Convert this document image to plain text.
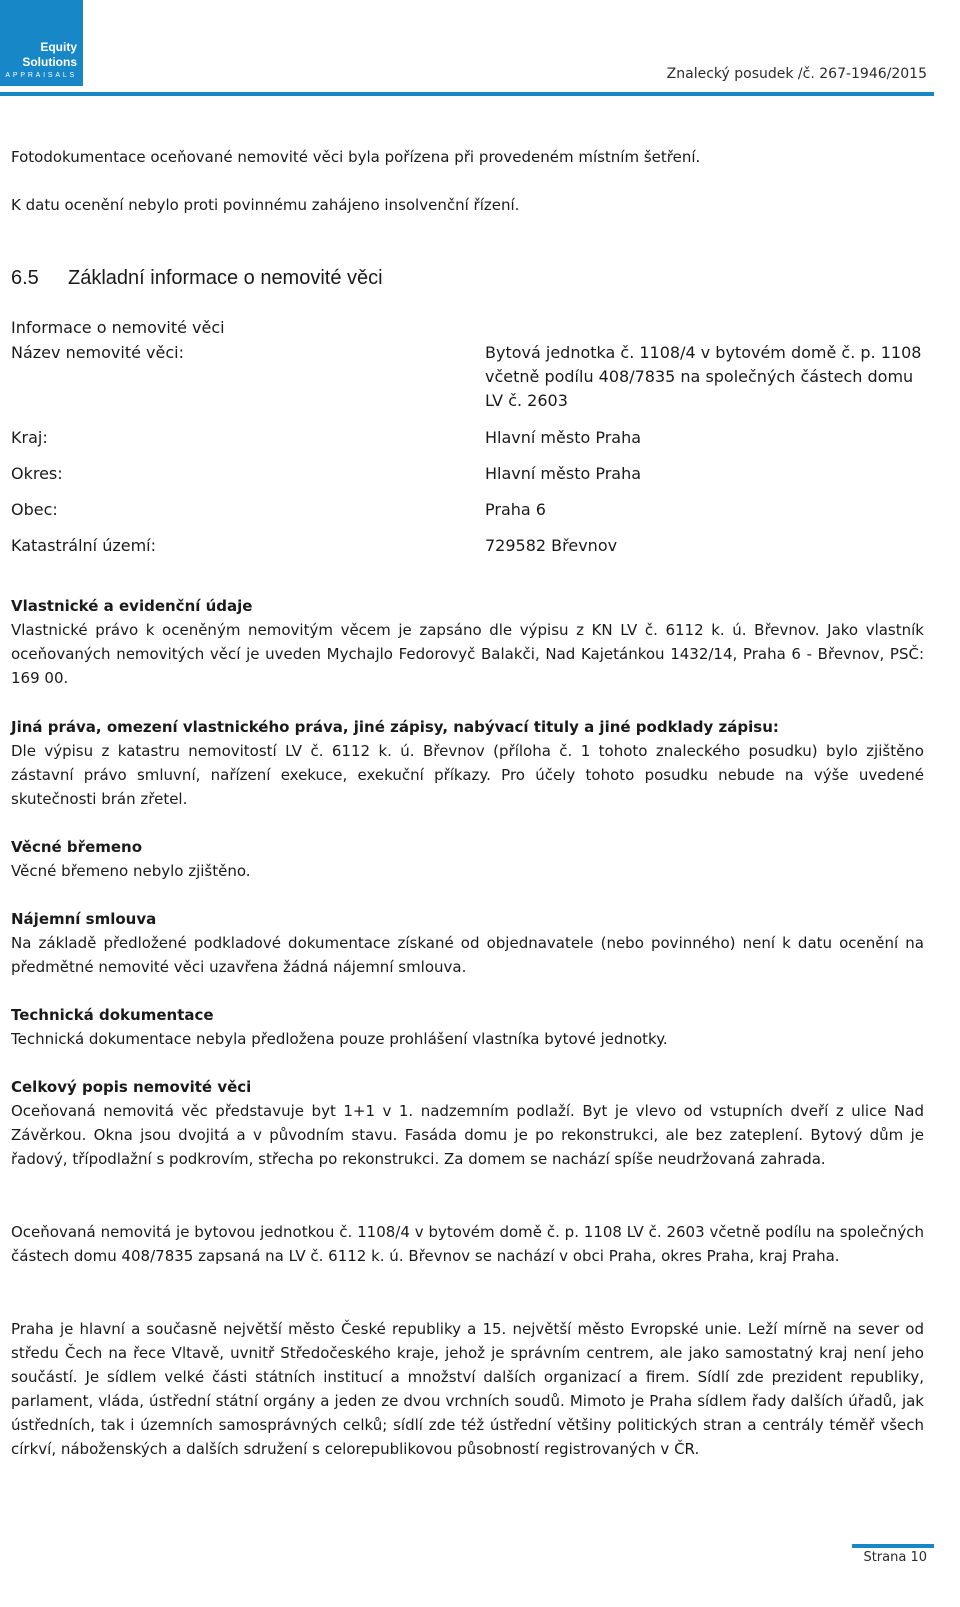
Equity
Solutions
APPRAISALS	Znalecký posudek /č. 267-1946/2015

Fotodokumentace oceňované nemovité věci byla pořízena při provedeném místním šetření.

K datu ocenění nebylo proti povinnému zahájeno insolvenční řízení.

6.5 Základní informace o nemovité věci
Informace o nemovité věci
Název nemovité věci:	Bytová jednotka č. 1108/4 v bytovém domě č. p. 1108 včetně podílu 408/7835 na společných částech domu LV č. 2603
Kraj:	Hlavní město Praha
Okres:	Hlavní město Praha
Obec:	Praha 6
Katastrální území:	729582 Břevnov
Vlastnické a evidenční údaje
Vlastnické právo k oceněným nemovitým věcem je zapsáno dle výpisu z KN LV č. 6112 k. ú. Břevnov. Jako vlastník oceňovaných nemovitých věcí je uveden Mychajlo Fedorovyč Balakči, Nad Kajetánkou 1432/14, Praha 6 - Břevnov, PSČ: 169 00.
Jiná práva, omezení vlastnického práva, jiné zápisy, nabývací tituly a jiné podklady zápisu:
Dle výpisu z katastru nemovitostí LV č. 6112 k. ú. Břevnov (příloha č. 1 tohoto znaleckého posudku) bylo zjištěno zástavní právo smluvní, nařízení exekuce, exekuční příkazy. Pro účely tohoto posudku nebude na výše uvedené skutečnosti brán zřetel.
Věcné břemeno
Věcné břemeno nebylo zjištěno.
Nájemní smlouva
Na základě předložené podkladové dokumentace získané od objednavatele (nebo povinného) není k datu ocenění na předmětné nemovité věci uzavřena žádná nájemní smlouva.
Technická dokumentace
Technická dokumentace nebyla předložena pouze prohlášení vlastníka bytové jednotky.
Celkový popis nemovité věci
Oceňovaná nemovitá věc představuje byt 1+1 v 1. nadzemním podlaží. Byt je vlevo od vstupních dveří z ulice Nad Závěrkou. Okna jsou dvojitá a v původním stavu. Fasáda domu je po rekonstrukci, ale bez zateplení. Bytový dům je řadový, třípodlažní s podkrovím, střecha po rekonstrukci. Za domem se nachází spíše neudržovaná zahrada.

Oceňovaná nemovitá je bytovou jednotkou č. 1108/4 v bytovém domě č. p. 1108 LV č. 2603 včetně podílu na společných částech domu 408/7835 zapsaná na LV č. 6112 k. ú. Břevnov se nachází v obci Praha, okres Praha, kraj Praha.

Praha je hlavní a současně největší město České republiky a 15. největší město Evropské unie. Leží mírně na sever od středu Čech na řece Vltavě, uvnitř Středočeského kraje, jehož je správním centrem, ale jako samostatný kraj není jeho součástí. Je sídlem velké části státních institucí a množství dalších organizací a firem. Sídlí zde prezident republiky, parlament, vláda, ústřední státní orgány a jeden ze dvou vrchních soudů. Mimoto je Praha sídlem řady dalších úřadů, jak ústředních, tak i územních samosprávných celků; sídlí zde též ústřední většiny politických stran a centrály téměř všech církví, náboženských a dalších sdružení s celorepublikovou působností registrovaných v ČR.

Strana 10
